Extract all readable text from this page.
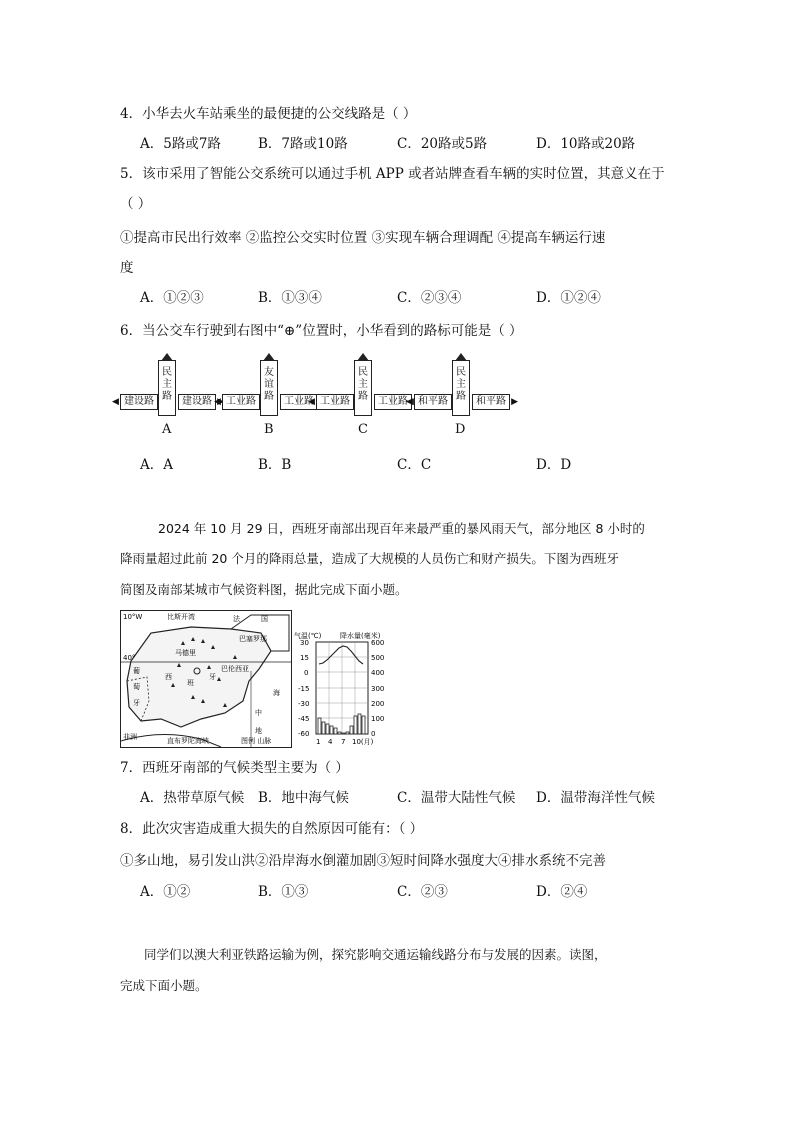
4．小华去火车站乘坐的最便捷的公交线路是（ ）
A．5路或7路	B．7路或10路	C．20路或5路	D．10路或20路
5．该市采用了智能公交系统可以通过手机 APP 或者站牌查看车辆的实时位置，其意义在于
（ ）
①提高市民出行效率 ②监控公交实时位置 ③实现车辆合理调配 ④提高车辆运行速
度
A．①②③	B．①③④	C．②③④	D．①②④
6．当公交车行驶到右图中“⊕”位置时，小华看到的路标可能是（ ）
民主路
◀ 建设路	建设路 ▶
友谊路
◀ 工业路	工业路 ▶
民主路
◀ 工业路	工业路 ▶
民主路
◀ 和平路	和平路 ▶
A	B	C	D
A．A	B．B	C．C	D．D
2024 年 10 月 29 日，西班牙南部出现百年来最严重的暴风雨天气，部分地区 8 小时的
降雨量超过此前 20 个月的降雨总量，造成了大规模的人员伤亡和财产损失。下图为西班牙
简图及南部某城市气候资料图，据此完成下面小题。
10°W
40°
比斯开湾	法	国
葡
萄
牙
西
班
牙
地
中
海
非洲	直布罗陀海峡
巴塞罗那
巴伦西亚
马德里
图例 山脉
气温(℃)	降水量(毫米)
30
15
0
-15
-30
-45
-60
600
500
400
300
200
100
0
1 4 7 10(月)
7．西班牙南部的气候类型主要为（ ）
A．热带草原气候 B．地中海气候	C．温带大陆性气候 D．温带海洋性气候
8．此次灾害造成重大损失的自然原因可能有：（ ）
①多山地，易引发山洪②沿岸海水倒灌加剧③短时间降水强度大④排水系统不完善
A．①②	B．①③	C．②③	D．②④
同学们以澳大利亚铁路运输为例，探究影响交通运输线路分布与发展的因素。读图，
完成下面小题。
